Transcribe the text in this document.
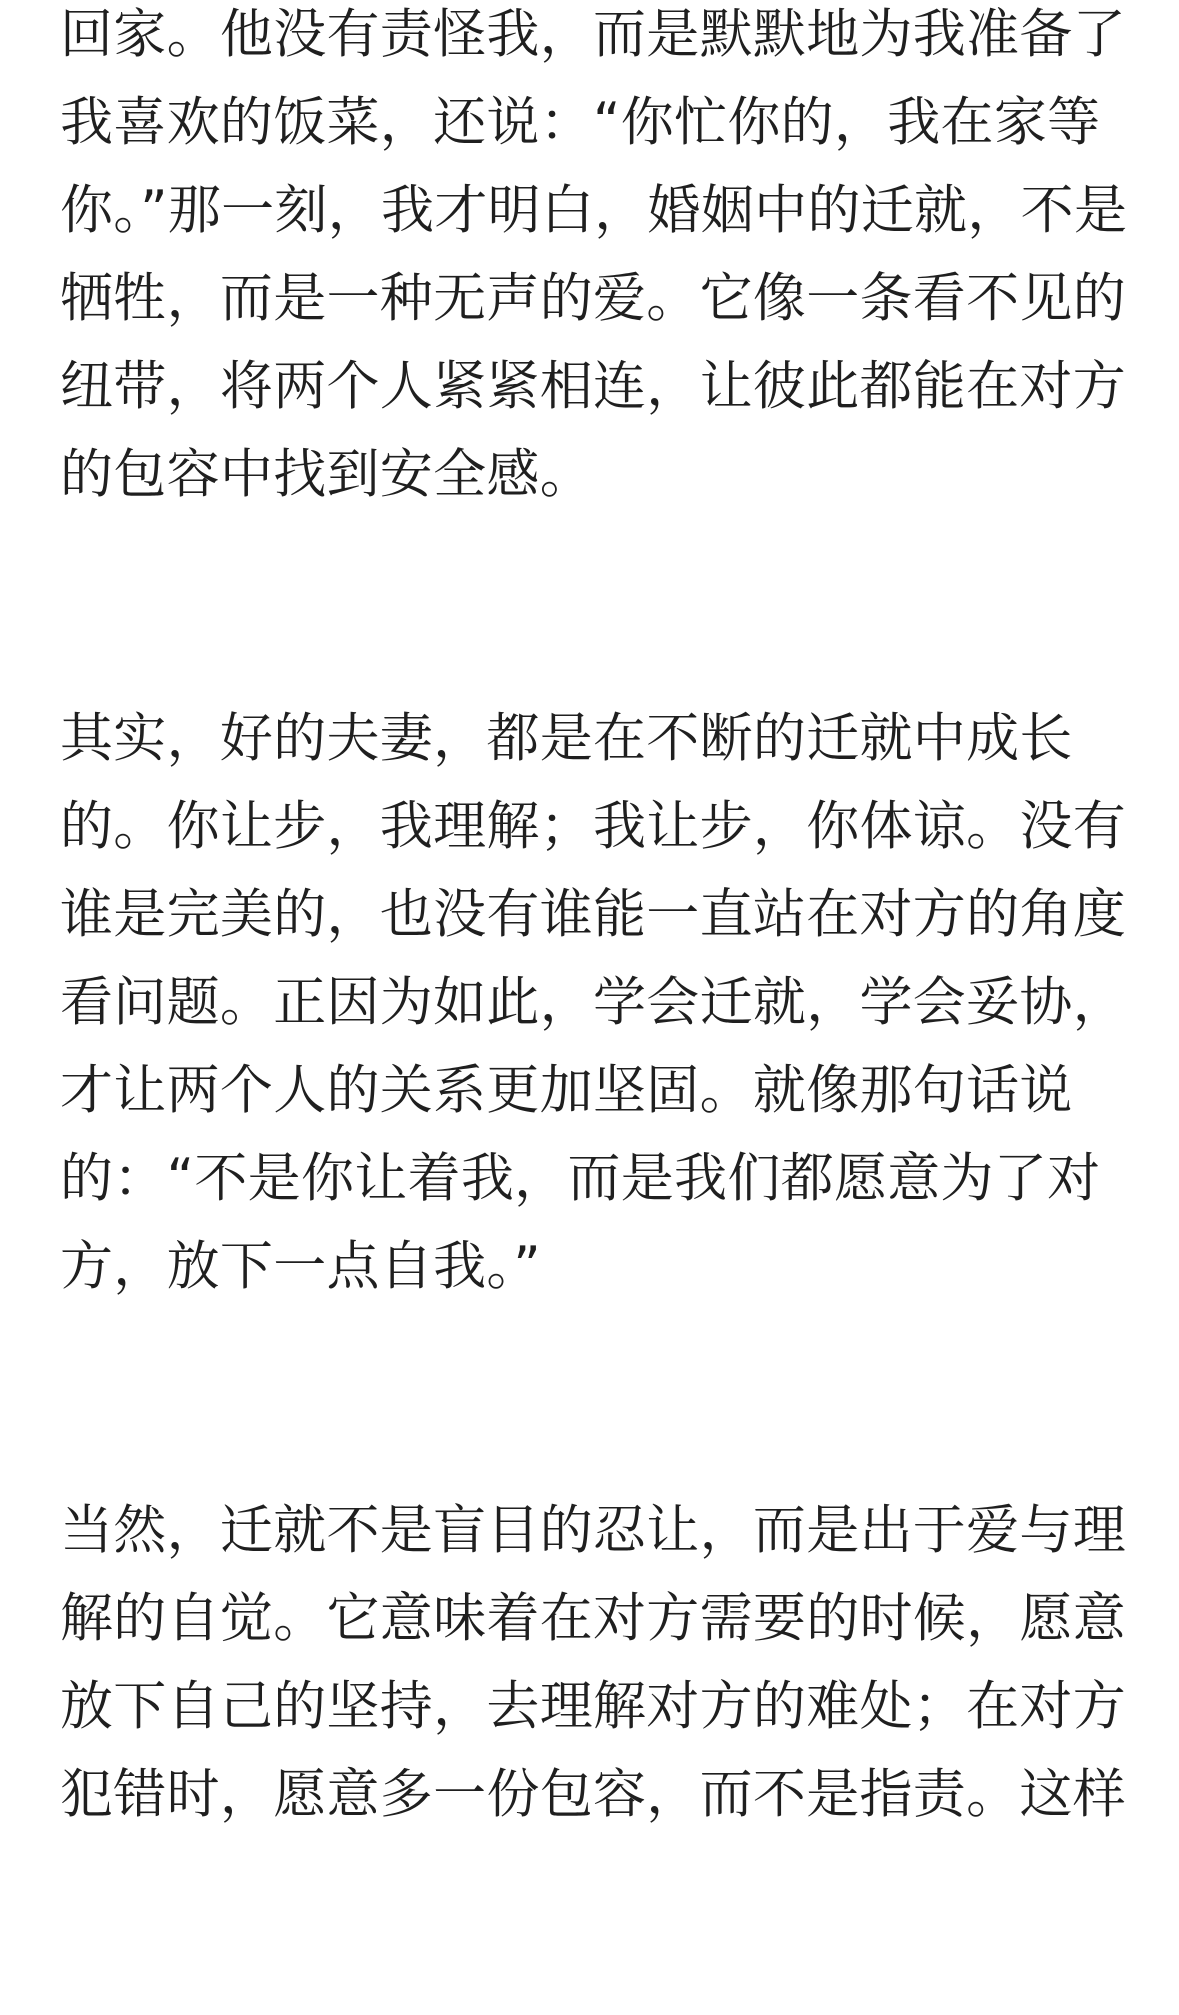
回家。他没有责怪我，而是默默地为我准备了
我喜欢的饭菜，还说：“你忙你的，我在家等
你。”那一刻，我才明白，婚姻中的迁就，不是
牺牲，而是一种无声的爱。它像一条看不见的
纽带，将两个人紧紧相连，让彼此都能在对方
的包容中找到安全感。
其实，好的夫妻，都是在不断的迁就中成长
的。你让步，我理解；我让步，你体谅。没有
谁是完美的，也没有谁能一直站在对方的角度
看问题。正因为如此，学会迁就，学会妥协，
才让两个人的关系更加坚固。就像那句话说
的：“不是你让着我，而是我们都愿意为了对
方，放下一点自我。”
当然，迁就不是盲目的忍让，而是出于爱与理
解的自觉。它意味着在对方需要的时候，愿意
放下自己的坚持，去理解对方的难处；在对方
犯错时，愿意多一份包容，而不是指责。这样
